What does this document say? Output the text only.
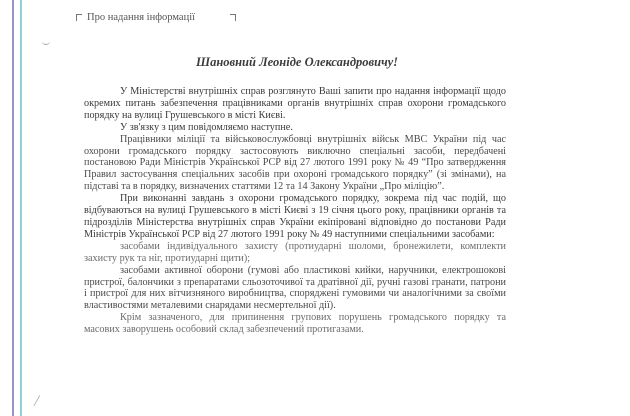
Про надання інформації
Шановний Леоніде Олександровичу!

У Міністерстві внутрішніх справ розглянуто Ваші запити про надання інформації щодо окремих питань забезпечення працівниками органів внутрішніх справ охорони громадського порядку на вулиці Грушевського в місті Києві.

У зв'язку з цим повідомляємо наступне.

Працівники міліції та військовослужбовці внутрішніх військ МВС України під час охорони громадського порядку застосовують виключно спеціальні засоби, передбачені постановою Ради Міністрів Української РСР від 27 лютого 1991 року № 49 “Про затвердження Правил застосування спеціальних засобів при охороні громадського порядку” (зі змінами), на підставі та в порядку, визначених статтями 12 та 14 Закону України „Про міліцію”.

При виконанні завдань з охорони громадського порядку, зокрема під час подій, що відбуваються на вулиці Грушевського в місті Києві з 19 січня цього року, працівники органів та підрозділів Міністерства внутрішніх справ України екіпіровані відповідно до постанови Ради Міністрів Української РСР від 27 лютого 1991 року № 49 наступними спеціальними засобами:

засобами індивідуального захисту (протиударні шоломи, бронежилети, комплекти захисту рук та ніг, протиударні щити);

засобами активної оборони (гумові або пластикові кийки, наручники, електрошокові пристрої, балончики з препаратами сльозоточивої та дратівної дії, ручні газові гранати, патрони і пристрої для них вітчизняного виробництва, споряджені гумовими чи аналогічними за своїми властивостями металевими снарядами несмертельної дії).

Крім зазначеного, для припинення групових порушень громадського порядку та масових заворушень особовий склад забезпечений протигазами.
